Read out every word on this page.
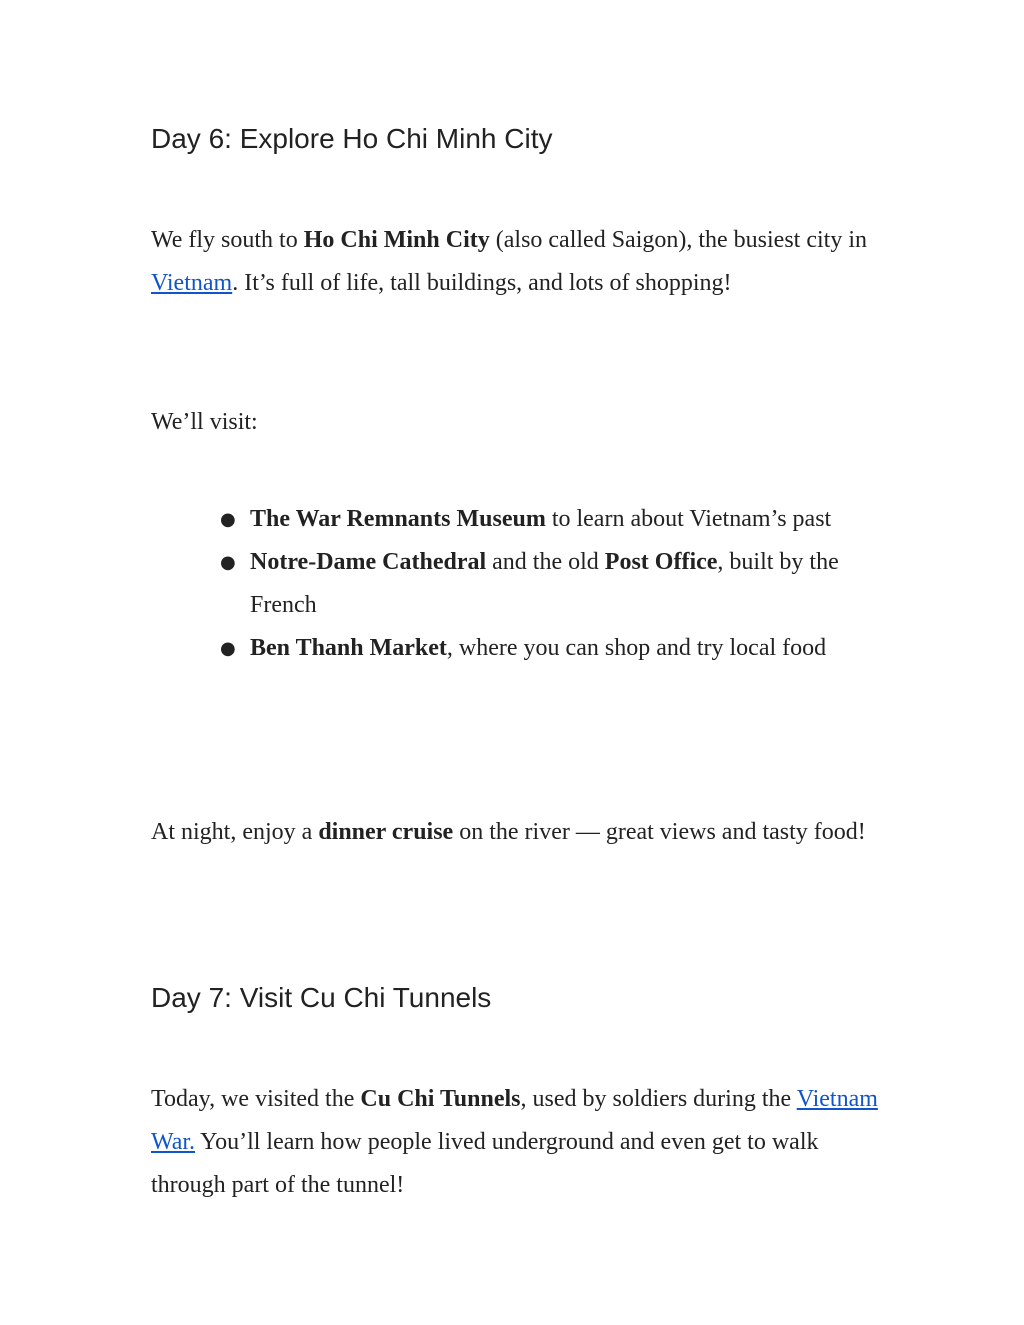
Day 6: Explore Ho Chi Minh City

We fly south to Ho Chi Minh City (also called Saigon), the busiest city in Vietnam. It’s full of life, tall buildings, and lots of shopping!

We’ll visit:

● The War Remnants Museum to learn about Vietnam’s past
● Notre-Dame Cathedral and the old Post Office, built by the French
● Ben Thanh Market, where you can shop and try local food

At night, enjoy a dinner cruise on the river — great views and tasty food!

Day 7: Visit Cu Chi Tunnels

Today, we visited the Cu Chi Tunnels, used by soldiers during the Vietnam War. You’ll learn how people lived underground and even get to walk through part of the tunnel!
